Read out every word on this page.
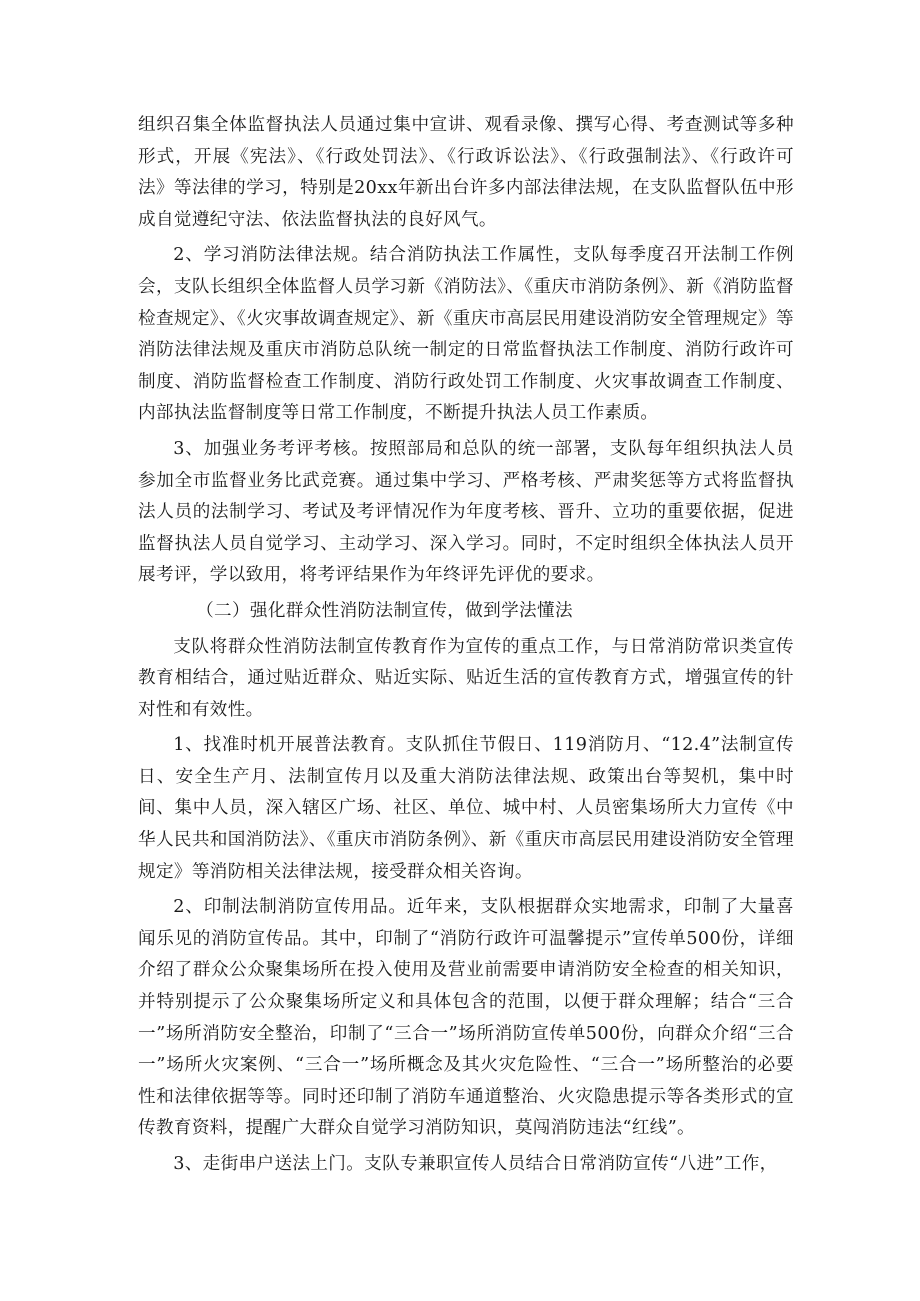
组织召集全体监督执法人员通过集中宣讲、观看录像、撰写心得、考查测试等多种形式，开展《宪法》、《行政处罚法》、《行政诉讼法》、《行政强制法》、《行政许可法》等法律的学习，特别是20xx年新出台许多内部法律法规，在支队监督队伍中形成自觉遵纪守法、依法监督执法的良好风气。

2、学习消防法律法规。结合消防执法工作属性，支队每季度召开法制工作例会，支队长组织全体监督人员学习新《消防法》、《重庆市消防条例》、新《消防监督检查规定》、《火灾事故调查规定》、新《重庆市高层民用建设消防安全管理规定》等消防法律法规及重庆市消防总队统一制定的日常监督执法工作制度、消防行政许可制度、消防监督检查工作制度、消防行政处罚工作制度、火灾事故调查工作制度、内部执法监督制度等日常工作制度，不断提升执法人员工作素质。

3、加强业务考评考核。按照部局和总队的统一部署，支队每年组织执法人员参加全市监督业务比武竞赛。通过集中学习、严格考核、严肃奖惩等方式将监督执法人员的法制学习、考试及考评情况作为年度考核、晋升、立功的重要依据，促进监督执法人员自觉学习、主动学习、深入学习。同时，不定时组织全体执法人员开展考评，学以致用，将考评结果作为年终评先评优的要求。

（二）强化群众性消防法制宣传，做到学法懂法

支队将群众性消防法制宣传教育作为宣传的重点工作，与日常消防常识类宣传教育相结合，通过贴近群众、贴近实际、贴近生活的宣传教育方式，增强宣传的针对性和有效性。

1、找准时机开展普法教育。支队抓住节假日、119消防月、“12.4”法制宣传日、安全生产月、法制宣传月以及重大消防法律法规、政策出台等契机，集中时间、集中人员，深入辖区广场、社区、单位、城中村、人员密集场所大力宣传《中华人民共和国消防法》、《重庆市消防条例》、新《重庆市高层民用建设消防安全管理规定》等消防相关法律法规，接受群众相关咨询。

2、印制法制消防宣传用品。近年来，支队根据群众实地需求，印制了大量喜闻乐见的消防宣传品。其中，印制了“消防行政许可温馨提示”宣传单500份，详细介绍了群众公众聚集场所在投入使用及营业前需要申请消防安全检查的相关知识，并特别提示了公众聚集场所定义和具体包含的范围，以便于群众理解；结合“三合一”场所消防安全整治，印制了“三合一”场所消防宣传单500份，向群众介绍“三合一”场所火灾案例、“三合一”场所概念及其火灾危险性、“三合一”场所整治的必要性和法律依据等等。同时还印制了消防车通道整治、火灾隐患提示等各类形式的宣传教育资料，提醒广大群众自觉学习消防知识，莫闯消防违法“红线”。

3、走街串户送法上门。支队专兼职宣传人员结合日常消防宣传“八进”工作，
